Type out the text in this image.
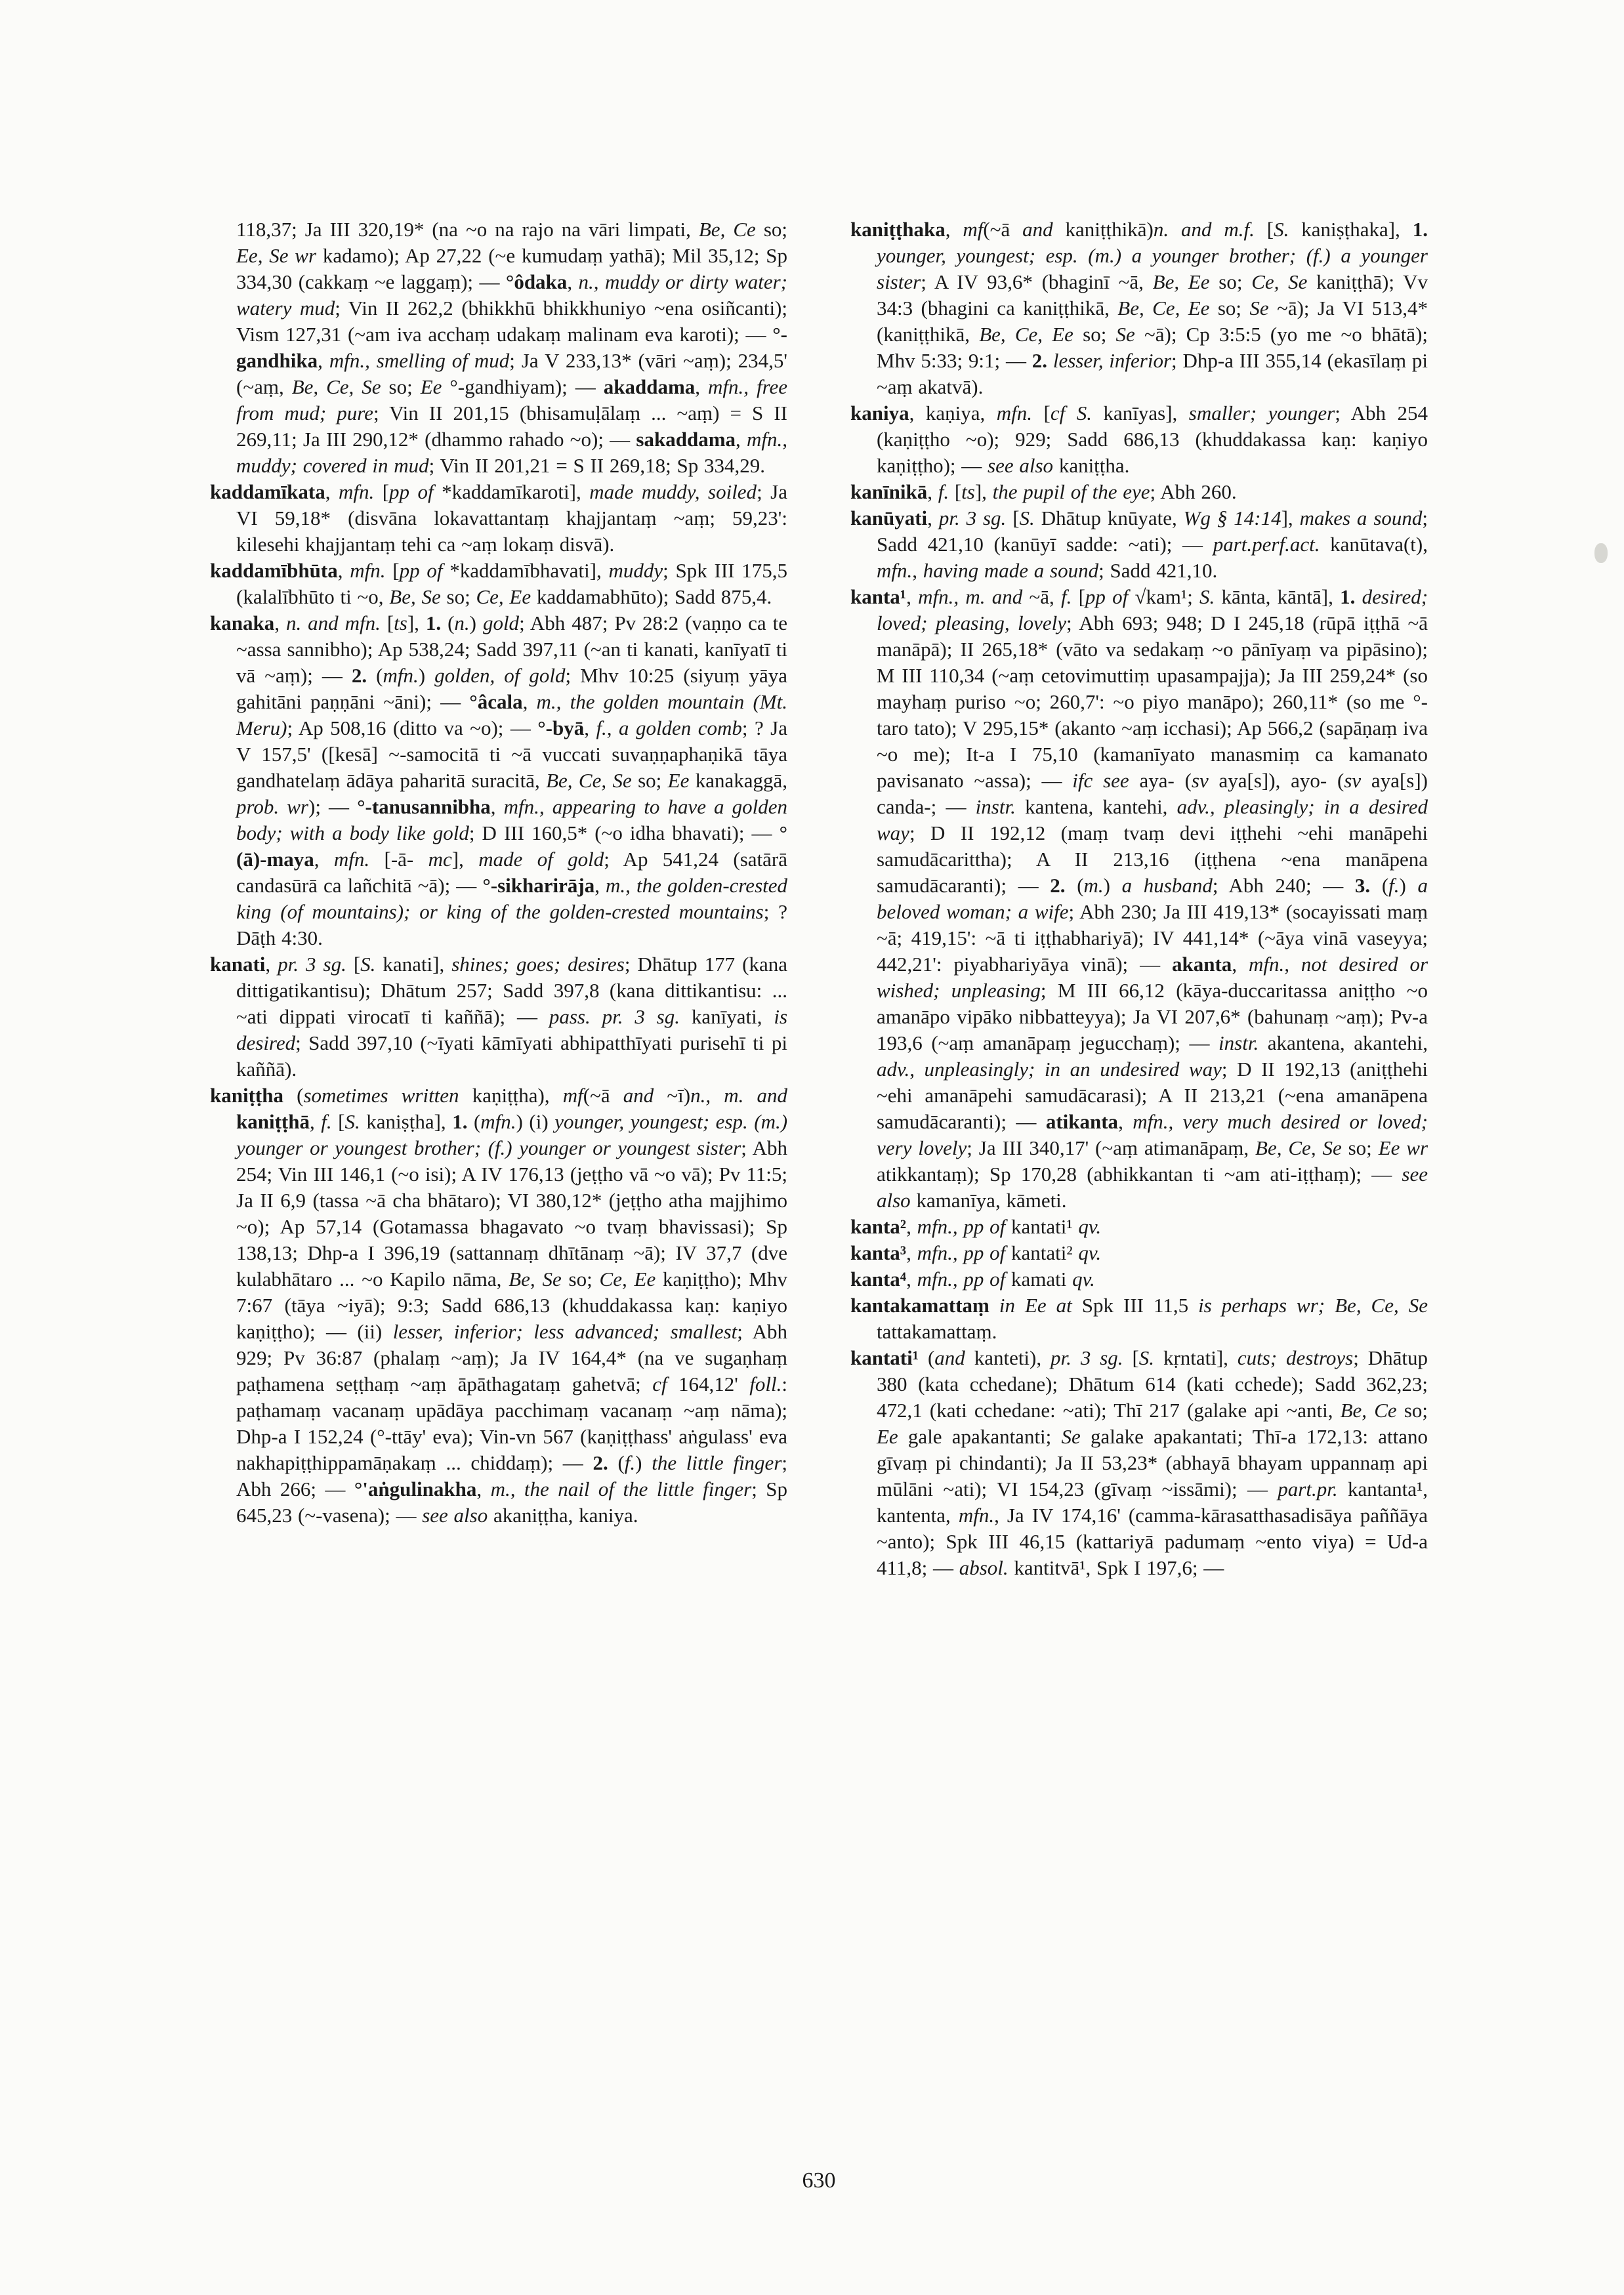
118,37; Ja III 320,19* (na ~o na rajo na vāri limpati, Be, Ce so; Ee, Se wr kadamo); Ap 27,22 (~e kumudaṃ yathā); Mil 35,12; Sp 334,30 (cakkaṃ ~e laggaṃ); — °ôdaka, n., muddy or dirty water; watery mud; Vin II 262,2 (bhikkhū bhikkhuniyo ~ena osiñcanti); Vism 127,31 (~am iva acchaṃ udakaṃ malinam eva karoti); — °-gandhika, mfn., smelling of mud; Ja V 233,13* (vāri ~aṃ); 234,5' (~aṃ, Be, Ce, Se so; Ee °-gandhiyam); — akaddama, mfn., free from mud; pure; Vin II 201,15 (bhisamuḷālaṃ ... ~aṃ) = S II 269,11; Ja III 290,12* (dhammo rahado ~o); — sakaddama, mfn., muddy; covered in mud; Vin II 201,21 = S II 269,18; Sp 334,29.

kaddamīkata, mfn. [pp of *kaddamīkaroti], made muddy, soiled; Ja VI 59,18* (disvāna lokavattantaṃ khajjantaṃ ~aṃ; 59,23': kilesehi khajjantaṃ tehi ca ~aṃ lokaṃ disvā).

kaddamībhūta, mfn. [pp of *kaddamībhavati], muddy; Spk III 175,5 (kalalībhūto ti ~o, Be, Se so; Ce, Ee kaddamabhūto); Sadd 875,4.

kanaka, n. and mfn. [ts], 1. (n.) gold; Abh 487; Pv 28:2 (vaṇṇo ca te ~assa sannibho); Ap 538,24; Sadd 397,11 (~an ti kanati, kanīyatī ti vā ~aṃ); — 2. (mfn.) golden, of gold; Mhv 10:25 (siyuṃ yāya gahitāni paṇṇāni ~āni); — °âcala, m., the golden mountain (Mt. Meru); Ap 508,16 (ditto va ~o); — °-byā, f., a golden comb; ? Ja V 157,5' ([kesā] ~-samocitā ti ~ā vuccati suvaṇṇaphaṇikā tāya gandhatelaṃ ādāya paharitā suracitā, Be, Ce, Se so; Ee kanakaggā, prob. wr); — °-tanusannibha, mfn., appearing to have a golden body; with a body like gold; D III 160,5* (~o idha bhavati); — °(ā)-maya, mfn. [-ā- mc], made of gold; Ap 541,24 (satārā candasūrā ca lañchitā ~ā); — °-sikharirāja, m., the golden-crested king (of mountains); or king of the golden-crested mountains; ? Dāṭh 4:30.

kanati, pr. 3 sg. [S. kanati], shines; goes; desires; Dhātup 177 (kana dittigatikantisu); Dhātum 257; Sadd 397,8 (kana dittikantisu: ... ~ati dippati virocatī ti kaññā); — pass. pr. 3 sg. kanīyati, is desired; Sadd 397,10 (~īyati kāmīyati abhipatthīyati purisehī ti pi kaññā).

kaniṭṭha (sometimes written kaṇiṭṭha), mf(~ā and ~ī)n., m. and kaniṭṭhā, f. [S. kaniṣṭha], 1. (mfn.) (i) younger, youngest; esp. (m.) younger or youngest brother; (f.) younger or youngest sister; Abh 254; Vin III 146,1 (~o isi); A IV 176,13 (jeṭṭho vā ~o vā); Pv 11:5; Ja II 6,9 (tassa ~ā cha bhātaro); VI 380,12* (jeṭṭho atha majjhimo ~o); Ap 57,14 (Gotamassa bhagavato ~o tvaṃ bhavissasi); Sp 138,13; Dhp-a I 396,19 (sattannaṃ dhītānaṃ ~ā); IV 37,7 (dve kulabhātaro ... ~o Kapilo nāma, Be, Se so; Ce, Ee kaṇiṭṭho); Mhv 7:67 (tāya ~iyā); 9:3; Sadd 686,13 (khuddakassa kaṇ: kaṇiyo kaṇiṭṭho); — (ii) lesser, inferior; less advanced; smallest; Abh 929; Pv 36:87 (phalaṃ ~aṃ); Ja IV 164,4* (na ve sugaṇhaṃ paṭhamena seṭṭhaṃ ~aṃ āpāthagataṃ gahetvā; cf 164,12' foll.: paṭhamaṃ vacanaṃ upādāya pacchimaṃ vacanaṃ ~aṃ nāma); Dhp-a I 152,24 (°-ttāy' eva); Vin-vn 567 (kaṇiṭṭhass' aṅgulass' eva nakhapiṭṭhippamāṇakaṃ ... chiddaṃ); — 2. (f.) the little finger; Abh 266; — °'aṅgulinakha, m., the nail of the little finger; Sp 645,23 (~-vasena); — see also akaniṭṭha, kaniya.

kaniṭṭhaka, mf(~ā and kaniṭṭhikā)n. and m.f. [S. kaniṣṭhaka], 1. younger, youngest; esp. (m.) a younger brother; (f.) a younger sister; A IV 93,6* (bhaginī ~ā, Be, Ee so; Ce, Se kaniṭṭhā); Vv 34:3 (bhagini ca kaniṭṭhikā, Be, Ce, Ee so; Se ~ā); Ja VI 513,4* (kaniṭṭhikā, Be, Ce, Ee so; Se ~ā); Cp 3:5:5 (yo me ~o bhātā); Mhv 5:33; 9:1; — 2. lesser, inferior; Dhp-a III 355,14 (ekasīlaṃ pi ~aṃ akatvā).

kaniya, kaṇiya, mfn. [cf S. kanīyas], smaller; younger; Abh 254 (kaṇiṭṭho ~o); 929; Sadd 686,13 (khuddakassa kaṇ: kaṇiyo kaṇiṭṭho); — see also kaniṭṭha.

kanīnikā, f. [ts], the pupil of the eye; Abh 260.

kanūyati, pr. 3 sg. [S. Dhātup knūyate, Wg § 14:14], makes a sound; Sadd 421,10 (kanūyī sadde: ~ati); — part.perf.act. kanūtava(t), mfn., having made a sound; Sadd 421,10.

kanta¹, mfn., m. and ~ā, f. [pp of √kam¹; S. kānta, kāntā], 1. desired; loved; pleasing, lovely; Abh 693; 948; D I 245,18 (rūpā iṭṭhā ~ā manāpā); II 265,18* (vāto va sedakaṃ ~o pānīyaṃ va pipāsino); M III 110,34 (~aṃ cetovimuttiṃ upasampajja); Ja III 259,24* (so mayhaṃ puriso ~o; 260,7': ~o piyo manāpo); 260,11* (so me °-taro tato); V 295,15* (akanto ~aṃ icchasi); Ap 566,2 (sapāṇaṃ iva ~o me); It-a I 75,10 (kamanīyato manasmiṃ ca kamanato pavisanato ~assa); — ifc see aya- (sv aya[s]), ayo- (sv aya[s]) canda-; — instr. kantena, kantehi, adv., pleasingly; in a desired way; D II 192,12 (maṃ tvaṃ devi iṭṭhehi ~ehi manāpehi samudācarittha); A II 213,16 (iṭṭhena ~ena manāpena samudācaranti); — 2. (m.) a husband; Abh 240; — 3. (f.) a beloved woman; a wife; Abh 230; Ja III 419,13* (socayissati maṃ ~ā; 419,15': ~ā ti iṭṭhabhariyā); IV 441,14* (~āya vinā vaseyya; 442,21': piyabhariyāya vinā); — akanta, mfn., not desired or wished; unpleasing; M III 66,12 (kāya-duccaritassa aniṭṭho ~o amanāpo vipāko nibbatteyya); Ja VI 207,6* (bahunaṃ ~aṃ); Pv-a 193,6 (~aṃ amanāpaṃ jegucchaṃ); — instr. akantena, akantehi, adv., unpleasingly; in an undesired way; D II 192,13 (aniṭṭhehi ~ehi amanāpehi samudācarasi); A II 213,21 (~ena amanāpena samudācaranti); — atikanta, mfn., very much desired or loved; very lovely; Ja III 340,17' (~aṃ atimanāpaṃ, Be, Ce, Se so; Ee wr atikkantaṃ); Sp 170,28 (abhikkantan ti ~am ati-iṭṭhaṃ); — see also kamanīya, kāmeti.

kanta², mfn., pp of kantati¹ qv.

kanta³, mfn., pp of kantati² qv.

kanta⁴, mfn., pp of kamati qv.

kantakamattaṃ in Ee at Spk III 11,5 is perhaps wr; Be, Ce, Se tattakamattaṃ.

kantati¹ (and kanteti), pr. 3 sg. [S. kṛntati], cuts; destroys; Dhātup 380 (kata cchedane); Dhātum 614 (kati cchede); Sadd 362,23; 472,1 (kati cchedane: ~ati); Thī 217 (galake api ~anti, Be, Ce so; Ee gale apakantanti; Se galake apakantati; Thī-a 172,13: attano gīvaṃ pi chindanti); Ja II 53,23* (abhayā bhayam uppannaṃ api mūlāni ~ati); VI 154,23 (gīvaṃ ~issāmi); — part.pr. kantanta¹, kantenta, mfn., Ja IV 174,16' (camma-kārasatthasadisāya paññāya ~anto); Spk III 46,15 (kattariyā padumaṃ ~ento viya) = Ud-a 411,8; — absol. kantitvā¹, Spk I 197,6; —

630
